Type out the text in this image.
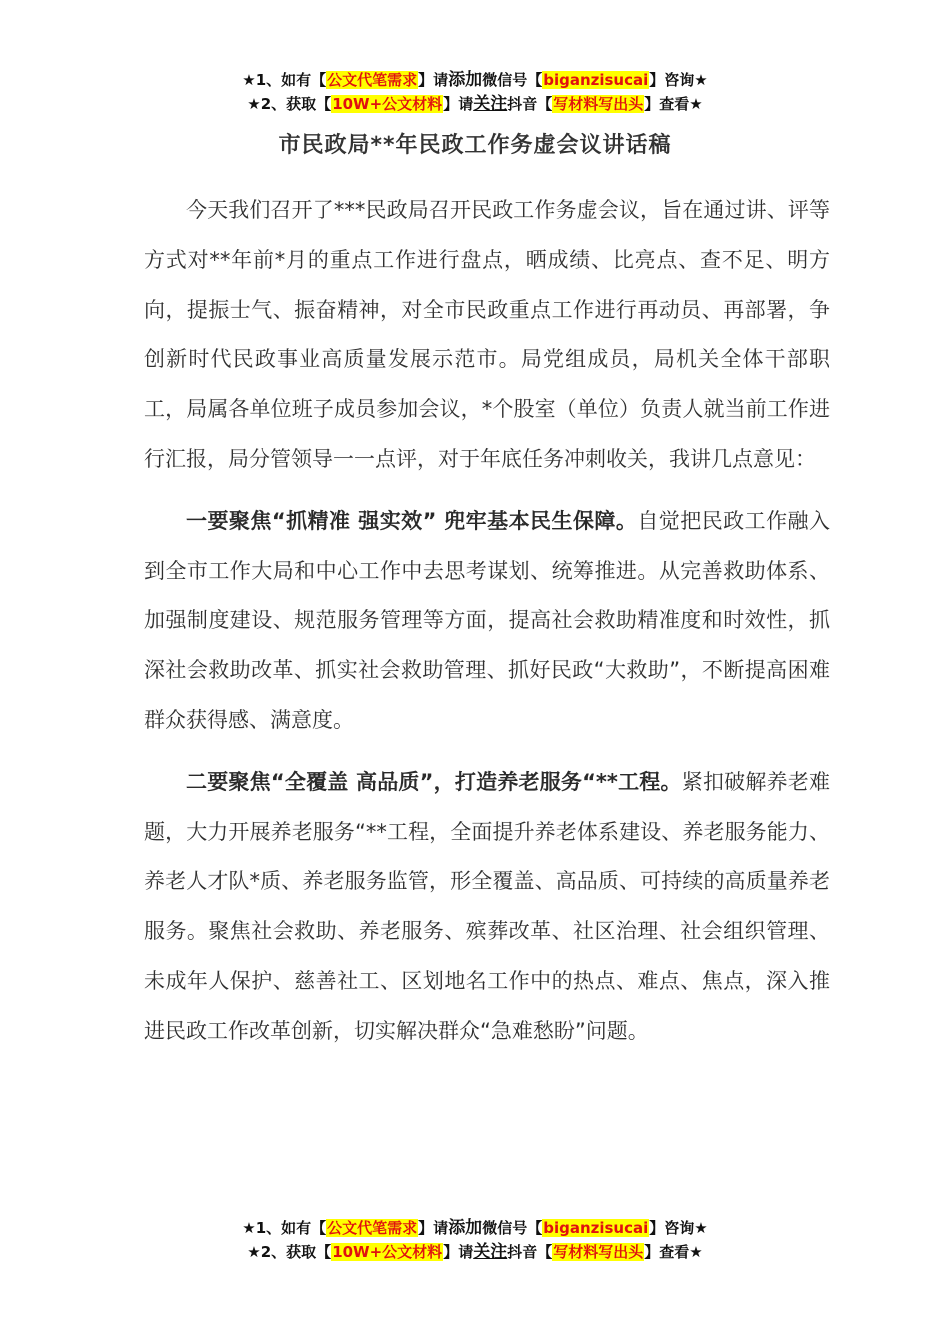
★1、如有【公文代笔需求】请添加微信号【biganzisucai】咨询★
★2、获取【10W+公文材料】请关注抖音【写材料写出头】查看★
市民政局**年民政工作务虚会议讲话稿

今天我们召开了***民政局召开民政工作务虚会议，旨在通过讲、评等方式对**年前*月的重点工作进行盘点，晒成绩、比亮点、查不足、明方向，提振士气、振奋精神，对全市民政重点工作进行再动员、再部署，争创新时代民政事业高质量发展示范市。局党组成员，局机关全体干部职工，局属各单位班子成员参加会议，*个股室（单位）负责人就当前工作进行汇报，局分管领导一一点评，对于年底任务冲刺收关，我讲几点意见：

一要聚焦“抓精准 强实效” 兜牢基本民生保障。自觉把民政工作融入到全市工作大局和中心工作中去思考谋划、统筹推进。从完善救助体系、加强制度建设、规范服务管理等方面，提高社会救助精准度和时效性，抓深社会救助改革、抓实社会救助管理、抓好民政“大救助”，不断提高困难群众获得感、满意度。

二要聚焦“全覆盖 高品质”，打造养老服务“**工程。紧扣破解养老难题，大力开展养老服务“**工程，全面提升养老体系建设、养老服务能力、养老人才队*质、养老服务监管，形全覆盖、高品质、可持续的高质量养老服务。聚焦社会救助、养老服务、殡葬改革、社区治理、社会组织管理、未成年人保护、慈善社工、区划地名工作中的热点、难点、焦点，深入推进民政工作改革创新，切实解决群众“急难愁盼”问题。

★1、如有【公文代笔需求】请添加微信号【biganzisucai】咨询★
★2、获取【10W+公文材料】请关注抖音【写材料写出头】查看★
